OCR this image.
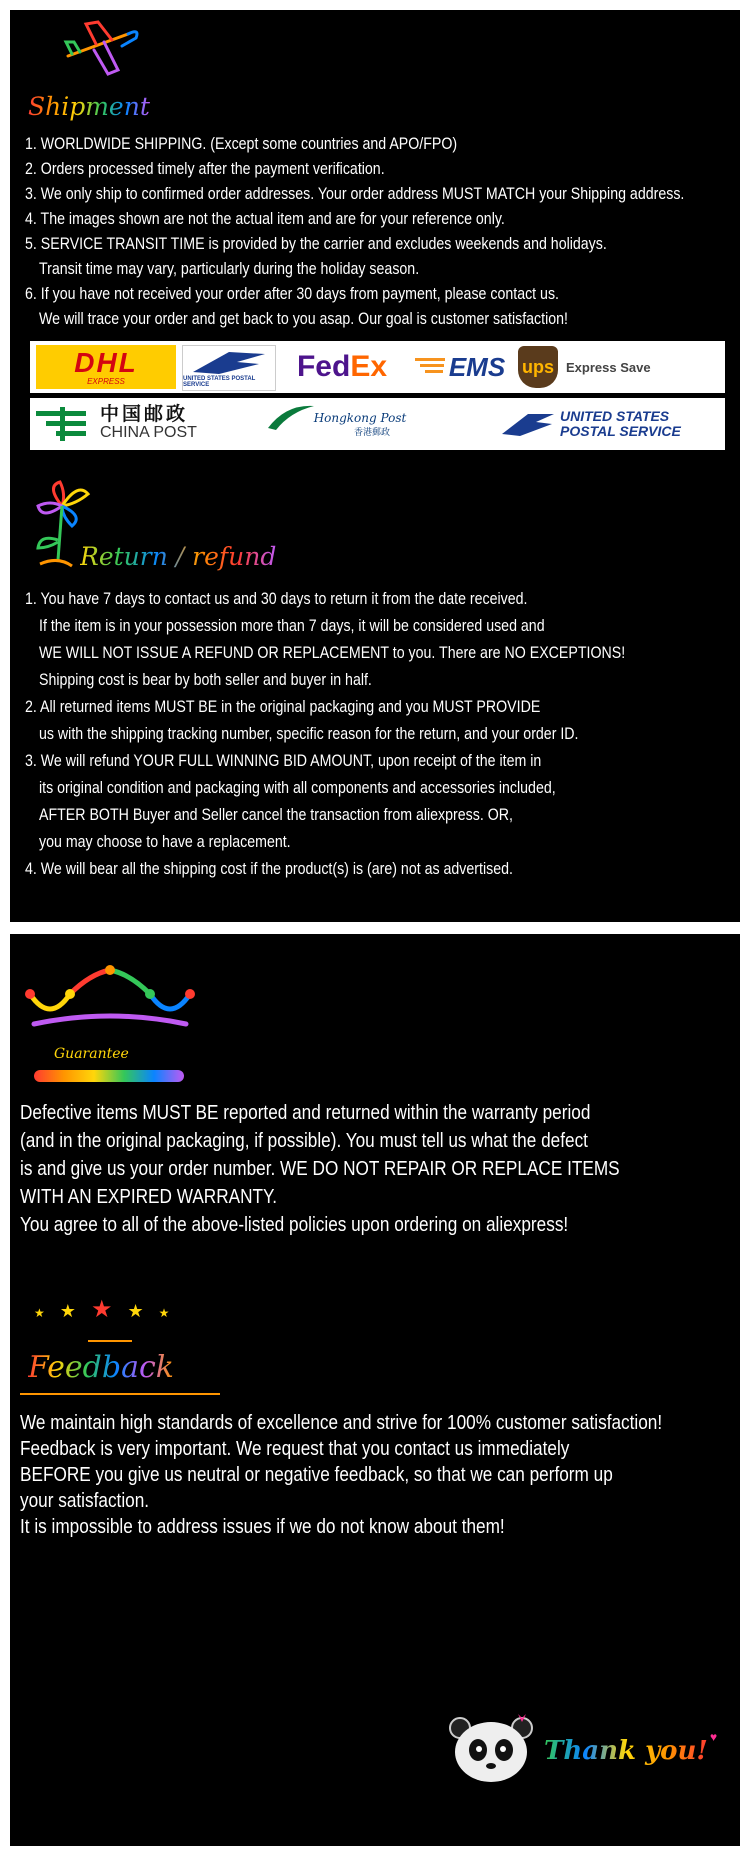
Shipment
1. WORLDWIDE SHIPPING. (Except some countries and APO/FPO)
2. Orders processed timely after the payment verification.
3. We only ship to confirmed order addresses. Your order address MUST MATCH your Shipping address.
4. The images shown are not the actual item and are for your reference only.
5. SERVICE TRANSIT TIME is provided by the carrier and excludes weekends and holidays.
Transit time may vary, particularly during the holiday season.
6. If you have not received your order after 30 days from payment, please contact us.
We will trace your order and get back to you asap. Our goal is customer satisfaction!
DHL
EXPRESS	UNITED STATES POSTAL SERVICE
Fed Ex EMS ups Express Save
中国邮政
CHINA POST
Hongkong Post
香港郵政
UNITED STATES
POSTAL SERVICE
Return / refund
1. You have 7 days to contact us and 30 days to return it from the date received.
If the item is in your possession more than 7 days, it will be considered used and
WE WILL NOT ISSUE A REFUND OR REPLACEMENT to you. There are NO EXCEPTIONS!
Shipping cost is bear by both seller and buyer in half.
2. All returned items MUST BE in the original packaging and you MUST PROVIDE
us with the shipping tracking number, specific reason for the return, and your order ID.
3. We will refund YOUR FULL WINNING BID AMOUNT, upon receipt of the item in
its original condition and packaging with all components and accessories included,
AFTER BOTH Buyer and Seller cancel the transaction from aliexpress. OR,
you may choose to have a replacement.
4. We will bear all the shipping cost if the product(s) is (are) not as advertised.
Guarantee
Defective items MUST BE reported and returned within the warranty period
(and in the original packaging, if possible). You must tell us what the defect
is and give us your order number. WE DO NOT REPAIR OR REPLACE ITEMS
WITH AN EXPIRED WARRANTY.
You agree to all of the above-listed policies upon ordering on aliexpress!
★ ★ ★ ★ ★
Feedback
We maintain high standards of excellence and strive for 100% customer satisfaction!
Feedback is very important. We request that you contact us immediately
BEFORE you give us neutral or negative feedback, so that we can perform up
your satisfaction.
It is impossible to address issues if we do not know about them!
Thank you! ♥
